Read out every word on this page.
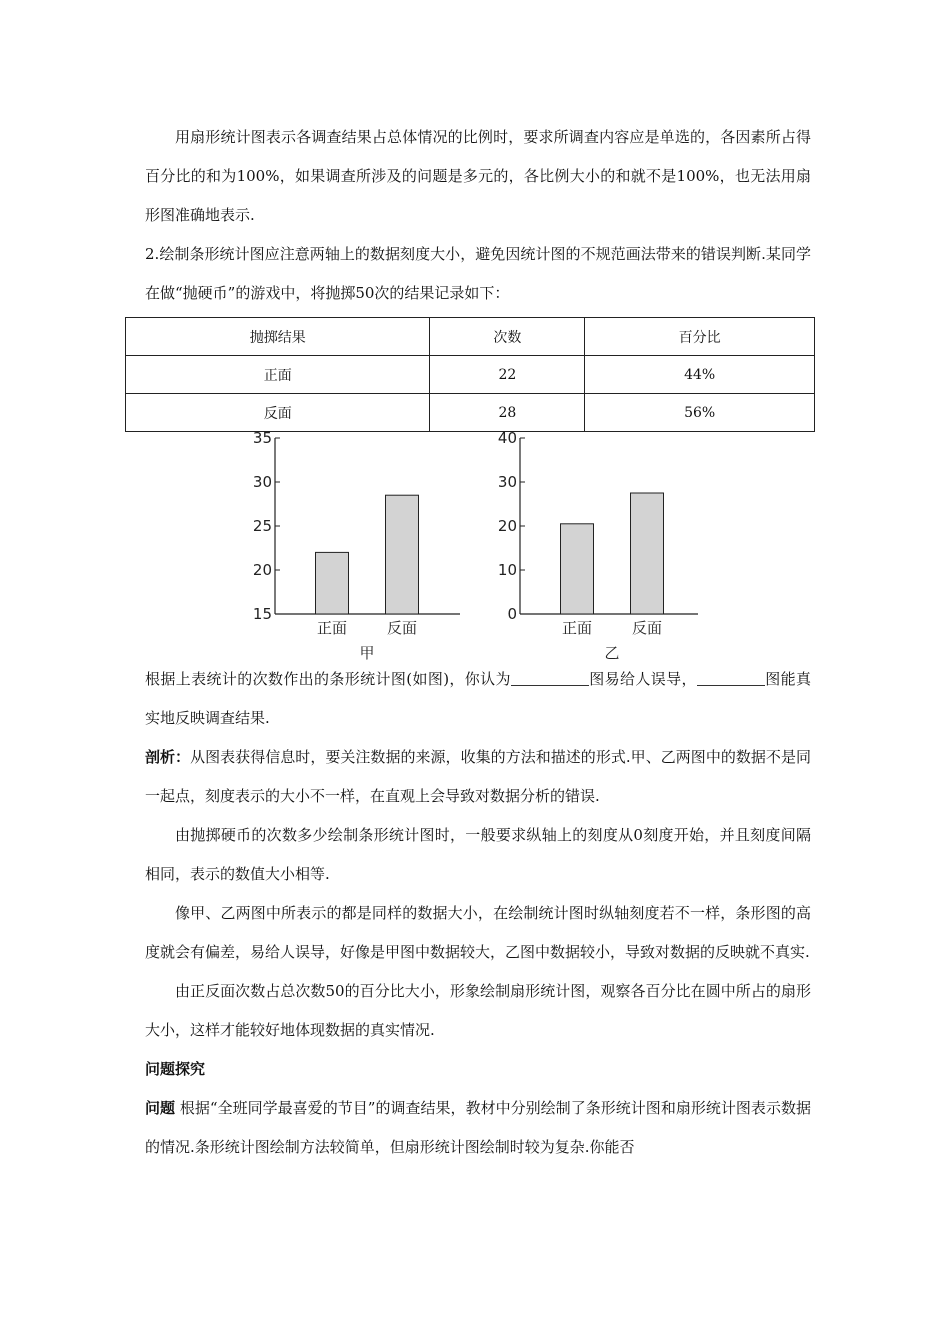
用扇形统计图表示各调查结果占总体情况的比例时，要求所调查内容应是单选的，各因素所占得百分比的和为100%，如果调查所涉及的问题是多元的，各比例大小的和就不是100%，也无法用扇形图准确地表示.

2.绘制条形统计图应注意两轴上的数据刻度大小，避免因统计图的不规范画法带来的错误判断.某同学在做“抛硬币”的游戏中，将抛掷50次的结果记录如下：

抛掷结果	次数	百分比
正面	22	44%
反面	28	56%
15
20
25
30
35
正面	反面
甲
0
10
20
30
40
正面	反面
乙

根据上表统计的次数作出的条形统计图(如图)，你认为	图易给人误导，	图能真实地反映调查结果.

剖析：从图表获得信息时，要关注数据的来源，收集的方法和描述的形式.甲、乙两图中的数据不是同一起点，刻度表示的大小不一样，在直观上会导致对数据分析的错误.

由抛掷硬币的次数多少绘制条形统计图时，一般要求纵轴上的刻度从0刻度开始，并且刻度间隔相同，表示的数值大小相等.

像甲、乙两图中所表示的都是同样的数据大小，在绘制统计图时纵轴刻度若不一样，条形图的高度就会有偏差，易给人误导，好像是甲图中数据较大，乙图中数据较小，导致对数据的反映就不真实.

由正反面次数占总次数50的百分比大小，形象绘制扇形统计图，观察各百分比在圆中所占的扇形大小，这样才能较好地体现数据的真实情况.

问题探究

问题 根据“全班同学最喜爱的节目”的调查结果，教材中分别绘制了条形统计图和扇形统计图表示数据的情况.条形统计图绘制方法较简单，但扇形统计图绘制时较为复杂.你能否
